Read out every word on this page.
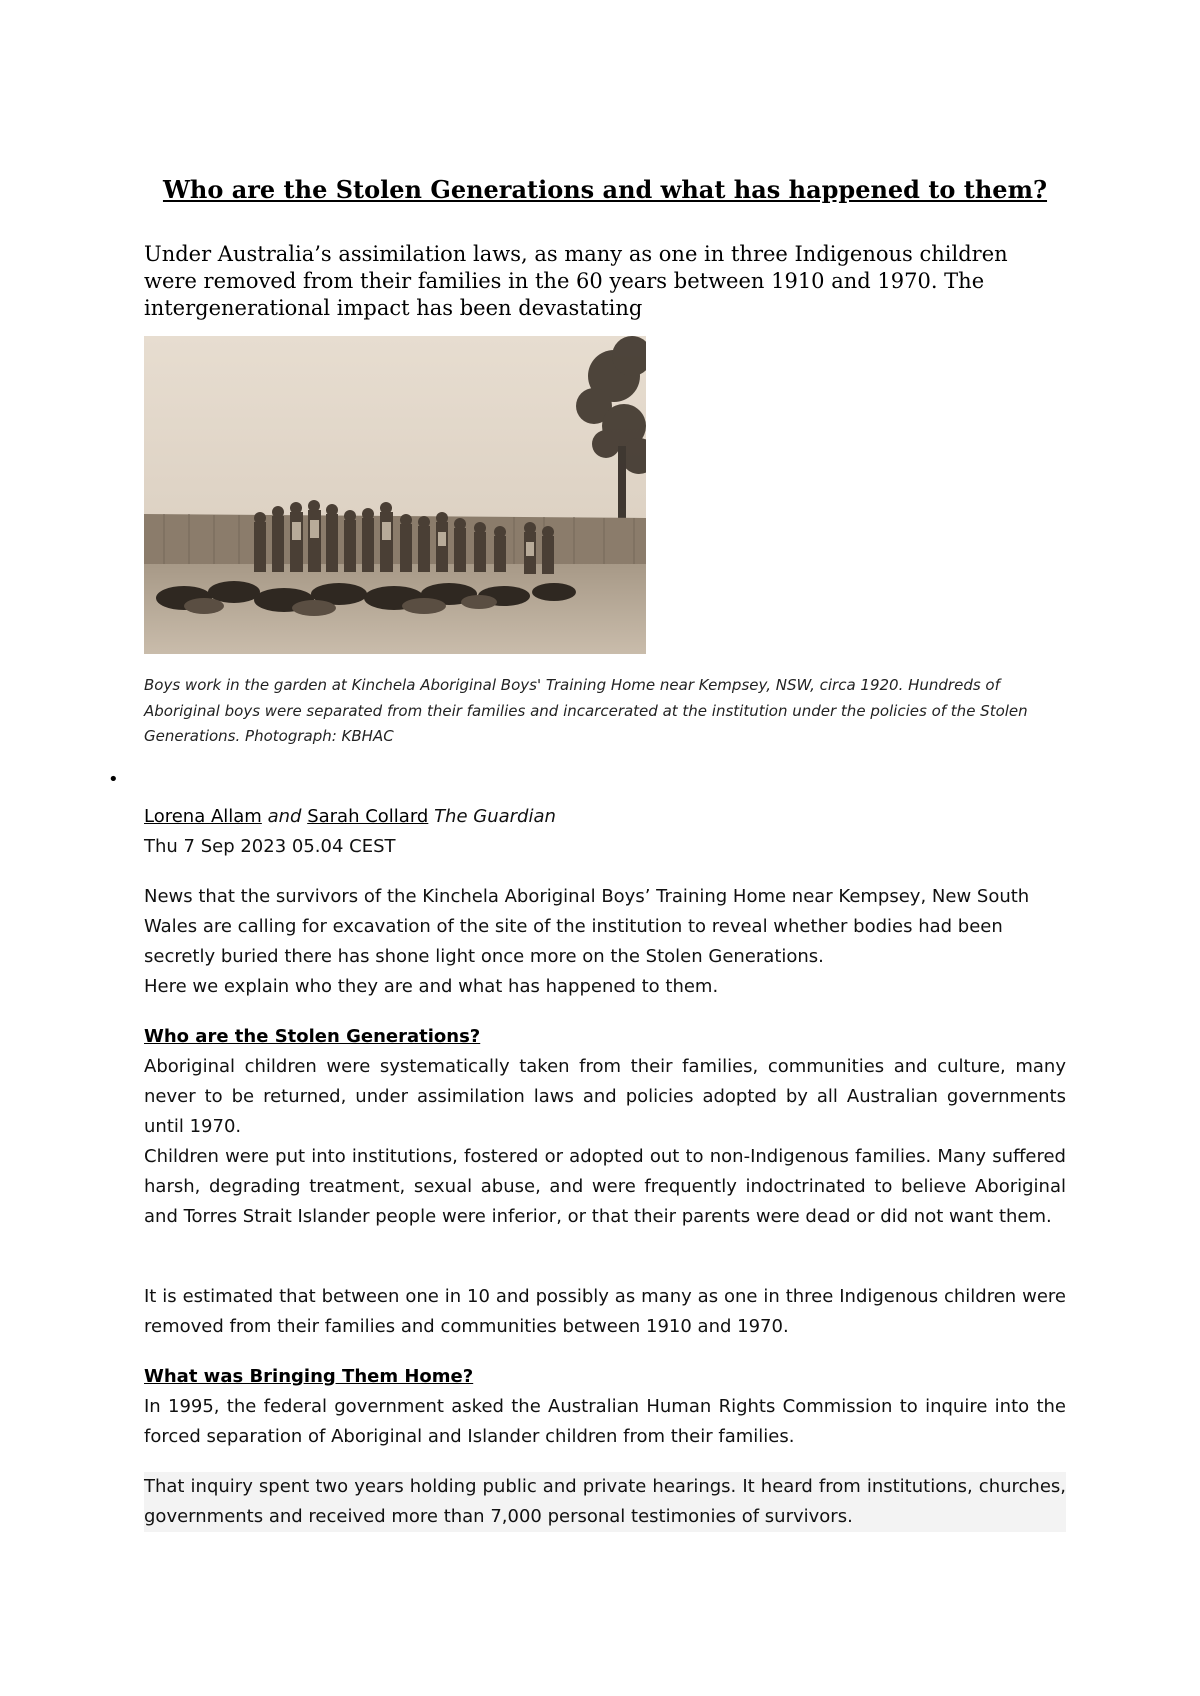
Who are the Stolen Generations and what has happened to them?

Under Australia’s assimilation laws, as many as one in three Indigenous children were removed from their families in the 60 years between 1910 and 1970. The intergenerational impact has been devastating

Boys work in the garden at Kinchela Aboriginal Boys' Training Home near Kempsey, NSW, circa 1920. Hundreds of Aboriginal boys were separated from their families and incarcerated at the institution under the policies of the Stolen Generations. Photograph: KBHAC

•

Lorena Allam and Sarah Collard The Guardian

Thu 7 Sep 2023 05.04 CEST

News that the survivors of the Kinchela Aboriginal Boys’ Training Home near Kempsey, New South Wales are calling for excavation of the site of the institution to reveal whether bodies had been secretly buried there has shone light once more on the Stolen Generations.

Here we explain who they are and what has happened to them.

Who are the Stolen Generations?

Aboriginal children were systematically taken from their families, communities and culture, many never to be returned, under assimilation laws and policies adopted by all Australian governments until 1970.

Children were put into institutions, fostered or adopted out to non-Indigenous families. Many suffered harsh, degrading treatment, sexual abuse, and were frequently indoctrinated to believe Aboriginal and Torres Strait Islander people were inferior, or that their parents were dead or did not want them.

It is estimated that between one in 10 and possibly as many as one in three Indigenous children were removed from their families and communities between 1910 and 1970.

What was Bringing Them Home?

In 1995, the federal government asked the Australian Human Rights Commission to inquire into the forced separation of Aboriginal and Islander children from their families.

That inquiry spent two years holding public and private hearings. It heard from institutions, churches, governments and received more than 7,000 personal testimonies of survivors.
